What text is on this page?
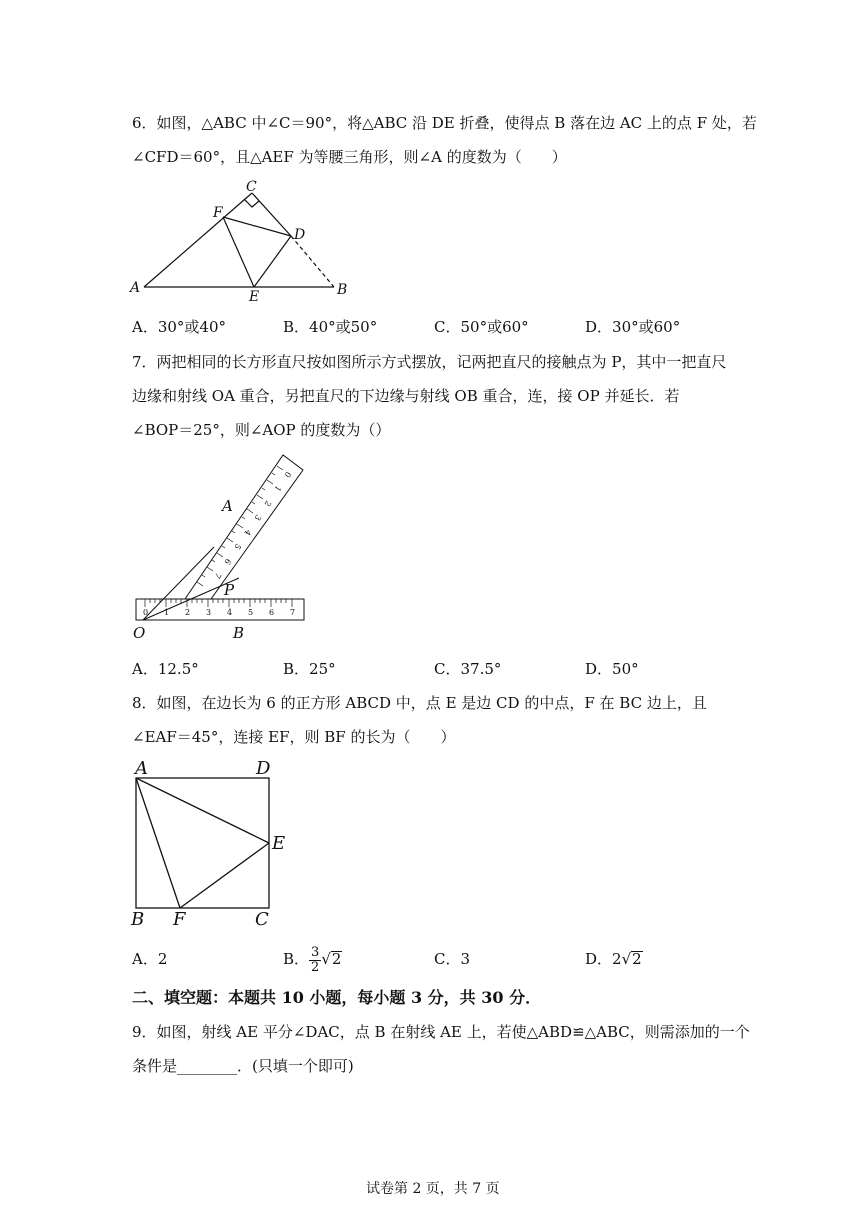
6．如图，△ABC 中∠C＝90°，将△ABC 沿 DE 折叠，使得点 B 落在边 AC 上的点 F 处，若
∠CFD＝60°，且△AEF 为等腰三角形，则∠A 的度数为（　　）
C
F
D
A
E	B
0 1 2 3 4 5 6 7
0
1
2
3
4
5
6
7
A
P
O	B
A	D
E
B F	C
A．30°或40°	B．40°或50°	C．50°或60°	D．30°或60°
7．两把相同的长方形直尺按如图所示方式摆放，记两把直尺的接触点为 P，其中一把直尺
边缘和射线 OA 重合，另把直尺的下边缘与射线 OB 重合，连，接 OP 并延长．若
∠BOP＝25°，则∠AOP 的度数为（）
A．12.5°	B．25°	C．37.5°	D．50°
8．如图，在边长为 6 的正方形 ABCD 中，点 E 是边 CD 的中点，F 在 BC 边上，且
∠EAF＝45°，连接 EF，则 BF 的长为（　　）
A．2	B． $\frac{3}{2} √2$	C．3	D．2√2
二、填空题：本题共 10 小题，每小题 3 分，共 30 分．
9．如图，射线 AE 平分∠DAC，点 B 在射线 AE 上，若使△ABD≌△ABC，则需添加的一个
条件是________．(只填一个即可)
试卷第 2 页，共 7 页
